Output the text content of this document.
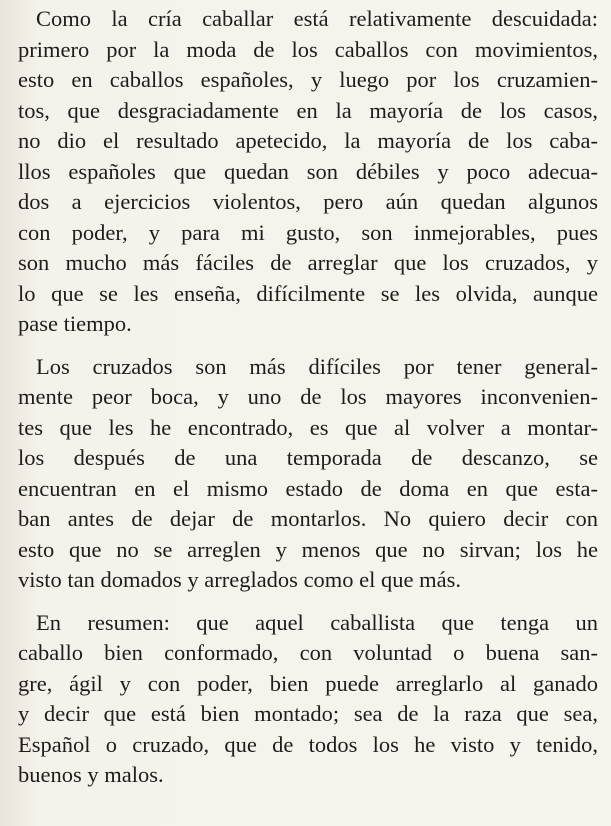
Como la cría caballar está relativamente descuidada:
primero por la moda de los caballos con movimientos,
esto en caballos españoles, y luego por los cruzamien-
tos, que desgraciadamente en la mayoría de los casos,
no dio el resultado apetecido, la mayoría de los caba-
llos españoles que quedan son débiles y poco adecua-
dos a ejercicios violentos, pero aún quedan algunos
con poder, y para mi gusto, son inmejorables, pues
son mucho más fáciles de arreglar que los cruzados, y
lo que se les enseña, difícilmente se les olvida, aunque
pase tiempo.
Los cruzados son más difíciles por tener general-
mente peor boca, y uno de los mayores inconvenien-
tes que les he encontrado, es que al volver a montar-
los después de una temporada de descanzo, se
encuentran en el mismo estado de doma en que esta-
ban antes de dejar de montarlos. No quiero decir con
esto que no se arreglen y menos que no sirvan; los he
visto tan domados y arreglados como el que más.
En resumen: que aquel caballista que tenga un
caballo bien conformado, con voluntad o buena san-
gre, ágil y con poder, bien puede arreglarlo al ganado
y decir que está bien montado; sea de la raza que sea,
Español o cruzado, que de todos los he visto y tenido,
buenos y malos.
